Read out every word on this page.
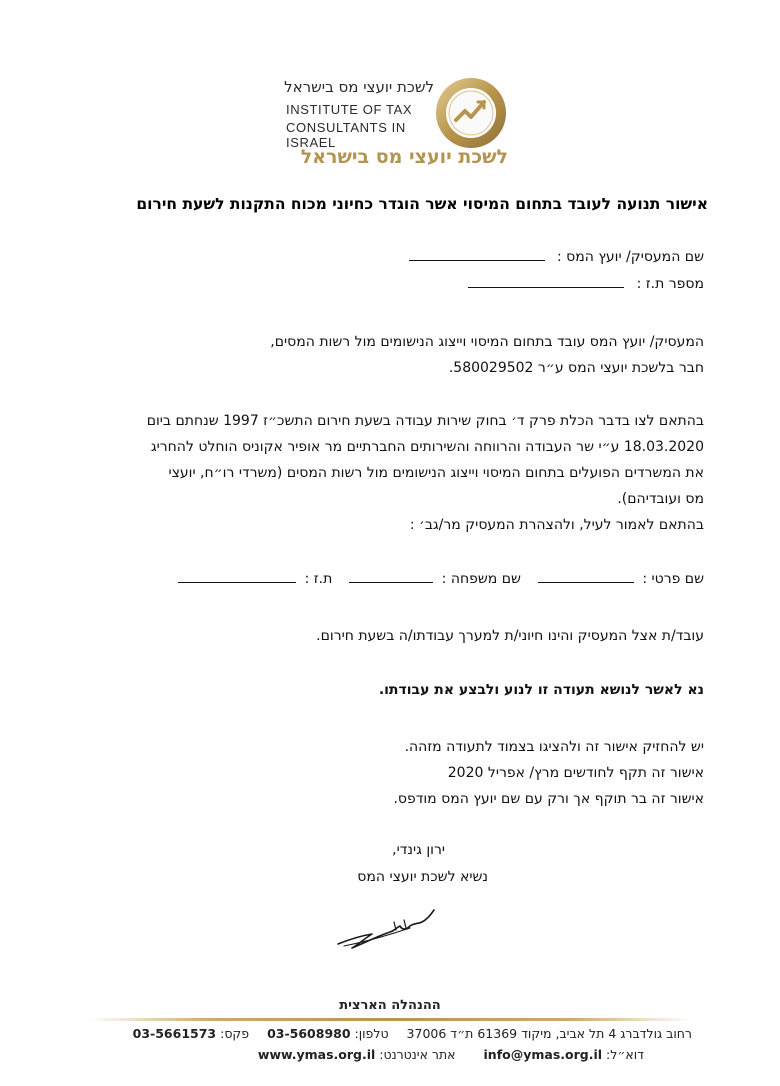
לשכת יועצי מס בישראל
INSTITUTE OF TAX
CONSULTANTS IN ISRAEL
לשכת יועצי מס בישראל
אישור תנועה לעובד בתחום המיסוי אשר הוגדר כחיוני מכוח התקנות לשעת חירום
שם המעסיק/ יועץ המס :
מספר ת.ז :
המעסיק/ יועץ המס עובד בתחום המיסוי וייצוג הנישומים מול רשות המסים,
חבר בלשכת יועצי המס ע״ר 580029502.
בהתאם לצו בדבר הכלת פרק ד׳ בחוק שירות עבודה בשעת חירום התשכ״ז 1997 שנחתם ביום
18.03.2020 ע״י שר העבודה והרווחה והשירותים החברתיים מר אופיר אקוניס הוחלט להחריג
את המשרדים הפועלים בתחום המיסוי וייצוג הנישומים מול רשות המסים (משרדי רו״ח, יועצי
מס ועובדיהם).
בהתאם לאמור לעיל, ולהצהרת המעסיק מר/גב׳ :
שם פרטי :   שם משפחה :   ת.ז :
עובד/ת אצל המעסיק והינו חיוני/ת למערך עבודתו/ה בשעת חירום.
נא לאשר לנושא תעודה זו לנוע ולבצע את עבודתו.
יש להחזיק אישור זה ולהציגו בצמוד לתעודה מזהה.
אישור זה תקף לחודשים מרץ/ אפריל 2020
אישור זה בר תוקף אך ורק עם שם יועץ המס מודפס.
ירון גינדי,
נשיא לשכת יועצי המס
ההנהלה הארצית
רחוב גולדברג 4 תל אביב, מיקוד 61369 ת״ד 37006  טלפון: 03-5608980  פקס: 03-5661573
דוא״ל: info@ymas.org.il  אתר אינטרנט: www.ymas.org.il
